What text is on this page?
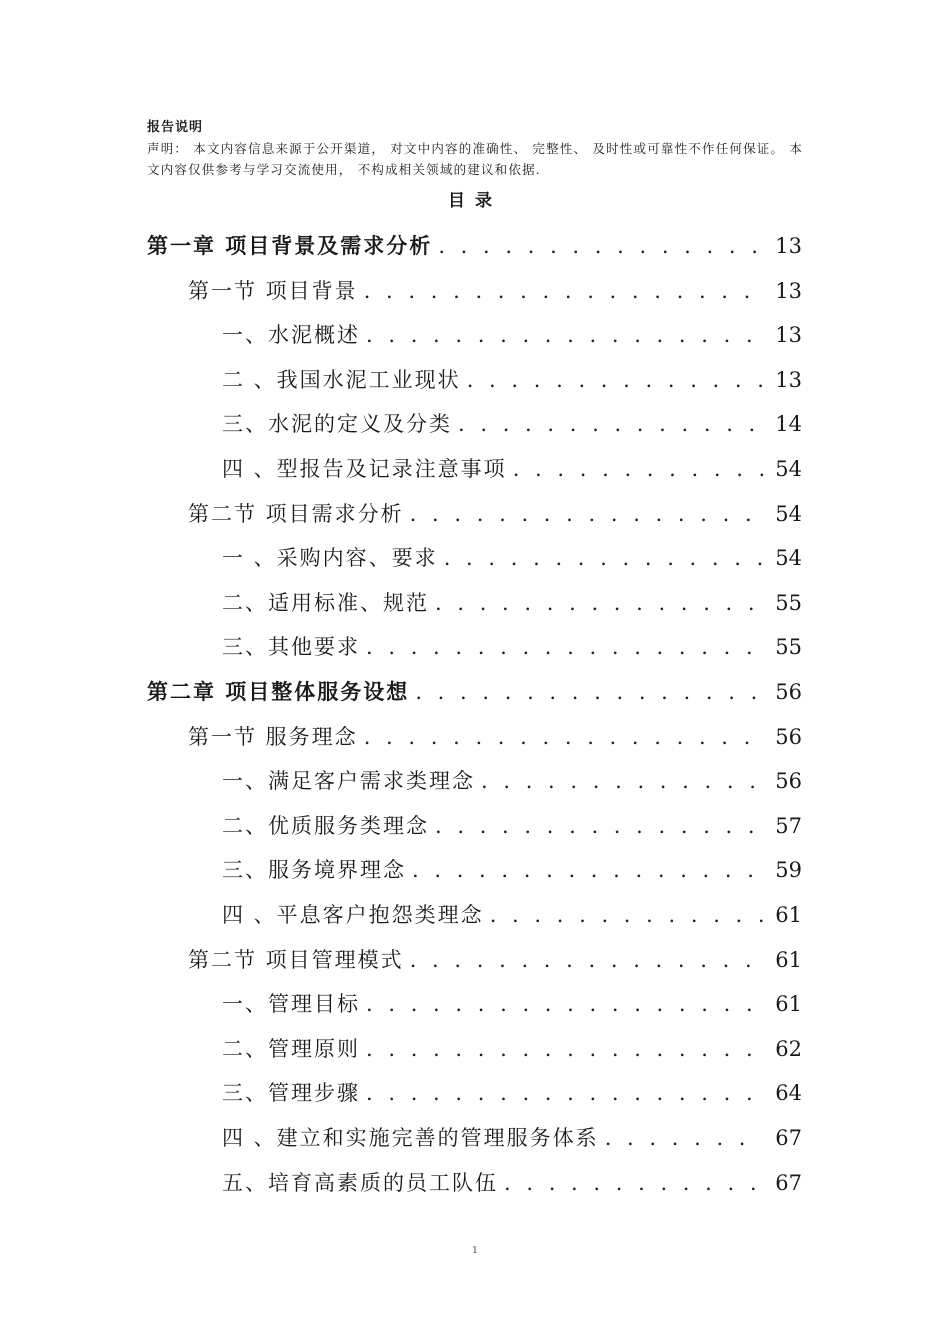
报告说明
声明： 本文内容信息来源于公开渠道， 对文中内容的准确性、 完整性、 及时性或可靠性不作任何保证。 本文内容仅供参考与学习交流使用， 不构成相关领域的建议和依据.
目录
第一章 项目背景及需求分析 . . .	13
第一节 项目背景 . . .	13
一、水泥概述 . . .	13
二 、我国水泥工业现状 . . .	13
三、水泥的定义及分类 . . .	14
四 、型报告及记录注意事项 . . .	54
第二节 项目需求分析 . . .	54
一 、采购内容、要求 . . .	54
二、适用标准、规范 . . .	55
三、其他要求 . . .	55
第二章 项目整体服务设想 . . .	56
第一节 服务理念 . . .	56
一、满足客户需求类理念 . . .	56
二、优质服务类理念 . . .	57
三、服务境界理念 . . .	59
四 、平息客户抱怨类理念 . . .	61
第二节 项目管理模式 . . .	61
一、管理目标 . . .	61
二、管理原则 . . .	62
三、管理步骤 . . .	64
四 、建立和实施完善的管理服务体系 . . .	67
五、培育高素质的员工队伍 . . .	67
1
